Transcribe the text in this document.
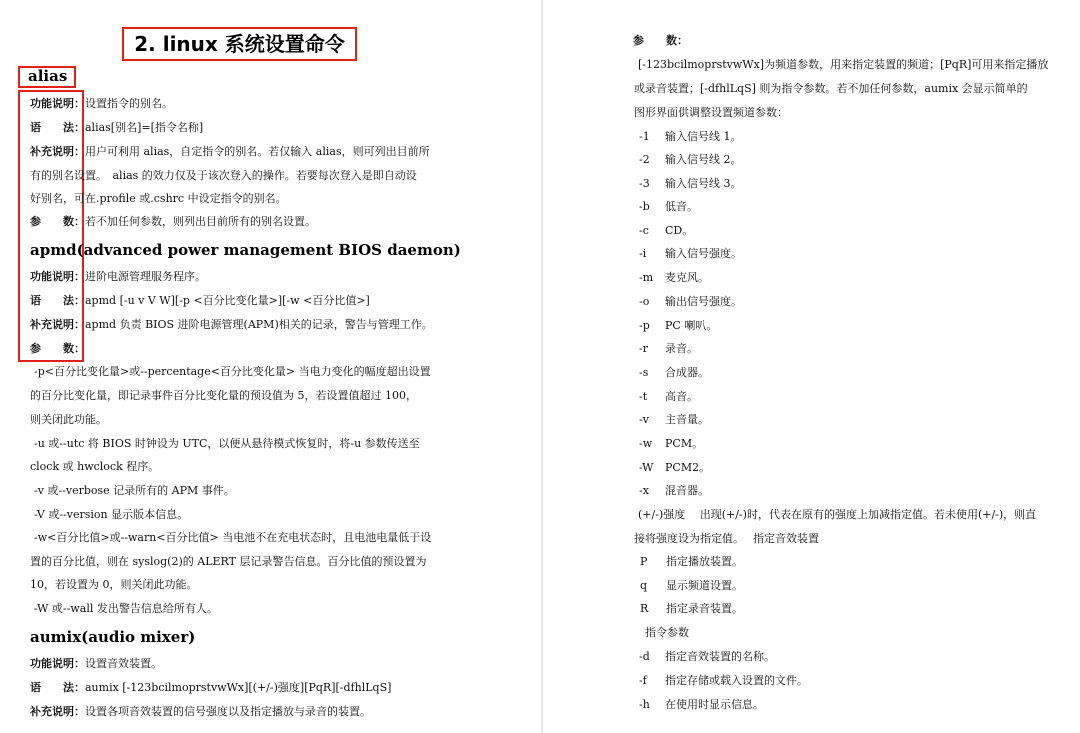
2. linux 系统设置命令
alias
功能说明：设置指令的别名。
语　　法：alias[别名]=[指令名称]
补充说明：用户可利用 alias，自定指令的别名。若仅输入 alias，则可列出目前所
有的别名设置。　alias 的效力仅及于该次登入的操作。若要每次登入是即自动设
好别名，可在.profile 或.cshrc 中设定指令的别名。
参　　数：若不加任何参数，则列出目前所有的别名设置。
apmd(advanced power management BIOS daemon)
功能说明：进阶电源管理服务程序。
语　　法：apmd [-u v V W][-p <百分比变化量>][-w <百分比值>]
补充说明：apmd 负责 BIOS 进阶电源管理(APM)相关的记录，警告与管理工作。
参　　数：
-p<百分比变化量>或--percentage<百分比变化量> 当电力变化的幅度超出设置
的百分比变化量，即记录事件百分比变化量的预设值为 5，若设置值超过 100，
则关闭此功能。
-u 或--utc 将 BIOS 时钟设为 UTC，以便从悬待模式恢复时，将-u 参数传送至
clock 或 hwclock 程序。
-v 或--verbose 记录所有的 APM 事件。
-V 或--version 显示版本信息。
-w<百分比值>或--warn<百分比值> 当电池不在充电状态时，且电池电量低于设
置的百分比值，则在 syslog(2)的 ALERT 层记录警告信息。百分比值的预设置为
10，若设置为 0，则关闭此功能。
-W 或--wall 发出警告信息给所有人。
aumix(audio mixer)
功能说明：设置音效装置。
语　　法：aumix [-123bcilmoprstvwWx][(+/-)强度][PqR][-dfhlLqS]
补充说明：设置各项音效装置的信号强度以及指定播放与录音的装置。
参　　数：
[-123bcilmoprstvwWx]为频道参数，用来指定装置的频道；[PqR]可用来指定播放
或录音装置；[-dfhlLqS] 则为指令参数。若不加任何参数，aumix 会显示简单的
图形界面供调整设置频道参数：
-1 输入信号线 1。
-2 输入信号线 2。
-3 输入信号线 3。
-b 低音。
-c CD。
-i 输入信号强度。
-m 麦克风。
-o 输出信号强度。
-p PC 喇叭。
-r 录音。
-s 合成器。
-t 高音。
-v 主音量。
-w PCM。
-W PCM2。
-x 混音器。
(+/-)强度　 出现(+/-)时，代表在原有的强度上加减指定值。若未使用(+/-)，则直
接将强度设为指定值。　 指定音效装置
P 指定播放装置。
q 显示频道设置。
R 指定录音装置。
指令参数
-d 指定音效装置的名称。
-f 指定存储或载入设置的文件。
-h 在使用时显示信息。
